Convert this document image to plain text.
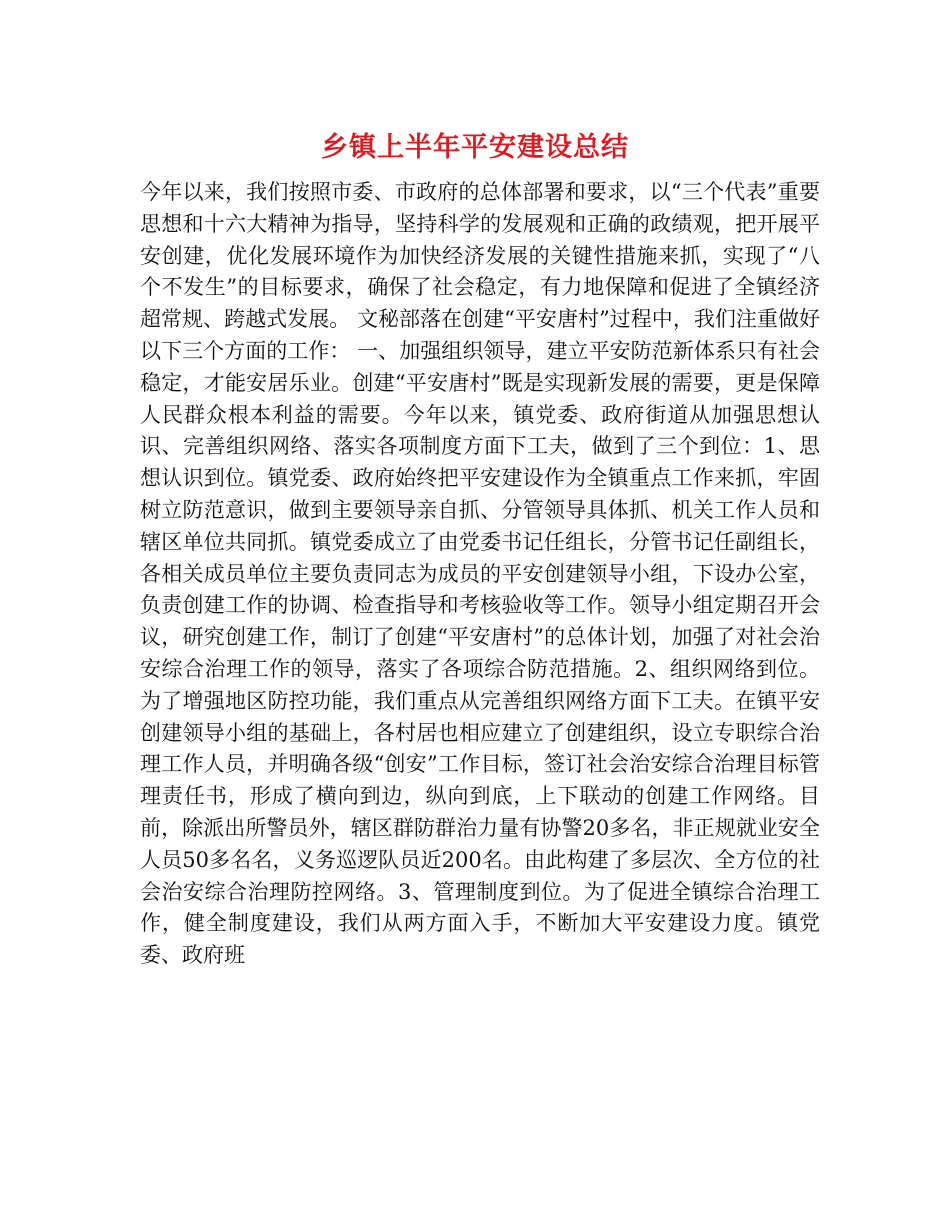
乡镇上半年平安建设总结

今年以来，我们按照市委、市政府的总体部署和要求，以“三个代表”重要思想和十六大精神为指导，坚持科学的发展观和正确的政绩观，把开展平安创建，优化发展环境作为加快经济发展的关键性措施来抓，实现了“八个不发生”的目标要求，确保了社会稳定，有力地保障和促进了全镇经济超常规、跨越式发展。 文秘部落在创建“平安唐村”过程中，我们注重做好以下三个方面的工作： 一、加强组织领导，建立平安防范新体系只有社会稳定，才能安居乐业。创建“平安唐村”既是实现新发展的需要，更是保障人民群众根本利益的需要。今年以来，镇党委、政府街道从加强思想认识、完善组织网络、落实各项制度方面下工夫，做到了三个到位：1、思想认识到位。镇党委、政府始终把平安建设作为全镇重点工作来抓，牢固树立防范意识，做到主要领导亲自抓、分管领导具体抓、机关工作人员和辖区单位共同抓。镇党委成立了由党委书记任组长，分管书记任副组长，各相关成员单位主要负责同志为成员的平安创建领导小组，下设办公室，负责创建工作的协调、检查指导和考核验收等工作。领导小组定期召开会议，研究创建工作，制订了创建“平安唐村”的总体计划，加强了对社会治安综合治理工作的领导，落实了各项综合防范措施。2、组织网络到位。为了增强地区防控功能，我们重点从完善组织网络方面下工夫。在镇平安创建领导小组的基础上，各村居也相应建立了创建组织，设立专职综合治理工作人员，并明确各级“创安”工作目标，签订社会治安综合治理目标管理责任书，形成了横向到边，纵向到底，上下联动的创建工作网络。目前，除派出所警员外，辖区群防群治力量有协警20多名，非正规就业安全人员50多名名，义务巡逻队员近200名。由此构建了多层次、全方位的社会治安综合治理防控网络。3、管理制度到位。为了促进全镇综合治理工作，健全制度建设，我们从两方面入手，不断加大平安建设力度。镇党委、政府班
